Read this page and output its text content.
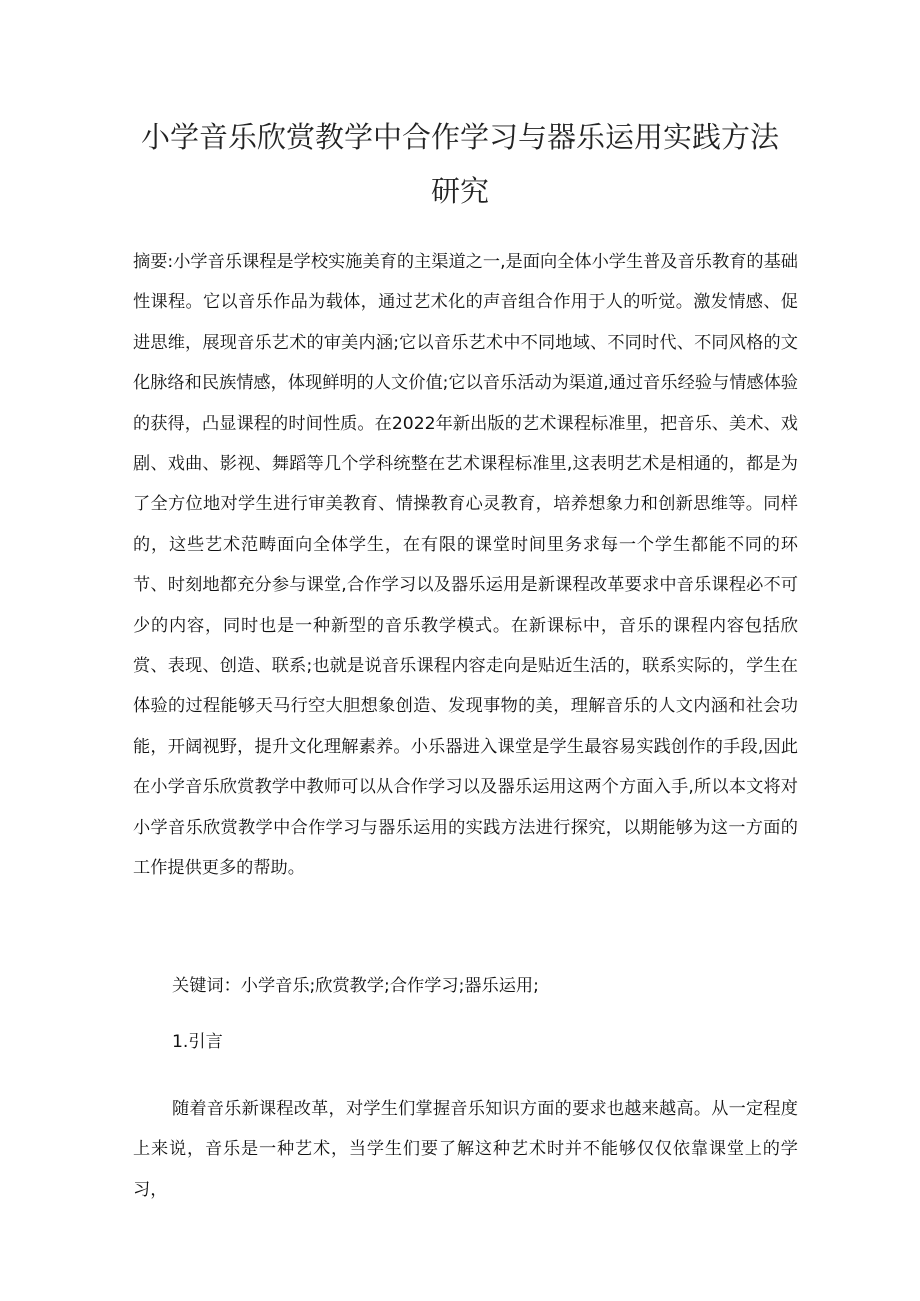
小学音乐欣赏教学中合作学习与器乐运用实践方法
研究

摘要:小学音乐课程是学校实施美育的主渠道之一,是面向全体小学生普及音乐教育的基础性课程。它以音乐作品为载体，通过艺术化的声音组合作用于人的听觉。激发情感、促进思维，展现音乐艺术的审美内涵;它以音乐艺术中不同地域、不同时代、不同风格的文化脉络和民族情感，体现鲜明的人文价值;它以音乐活动为渠道,通过音乐经验与情感体验的获得，凸显课程的时间性质。在2022年新出版的艺术课程标准里，把音乐、美术、戏剧、戏曲、影视、舞蹈等几个学科统整在艺术课程标准里,这表明艺术是相通的，都是为了全方位地对学生进行审美教育、情操教育心灵教育，培养想象力和创新思维等。同样的，这些艺术范畴面向全体学生，在有限的课堂时间里务求每一个学生都能不同的环节、时刻地都充分参与课堂,合作学习以及器乐运用是新课程改革要求中音乐课程必不可少的内容，同时也是一种新型的音乐教学模式。在新课标中，音乐的课程内容包括欣赏、表现、创造、联系;也就是说音乐课程内容走向是贴近生活的，联系实际的，学生在体验的过程能够天马行空大胆想象创造、发现事物的美，理解音乐的人文内涵和社会功能，开阔视野，提升文化理解素养。小乐器进入课堂是学生最容易实践创作的手段,因此在小学音乐欣赏教学中教师可以从合作学习以及器乐运用这两个方面入手,所以本文将对小学音乐欣赏教学中合作学习与器乐运用的实践方法进行探究，以期能够为这一方面的工作提供更多的帮助。

关键词：小学音乐;欣赏教学;合作学习;器乐运用;

1.引言

随着音乐新课程改革，对学生们掌握音乐知识方面的要求也越来越高。从一定程度上来说，音乐是一种艺术，当学生们要了解这种艺术时并不能够仅仅依靠课堂上的学习，
